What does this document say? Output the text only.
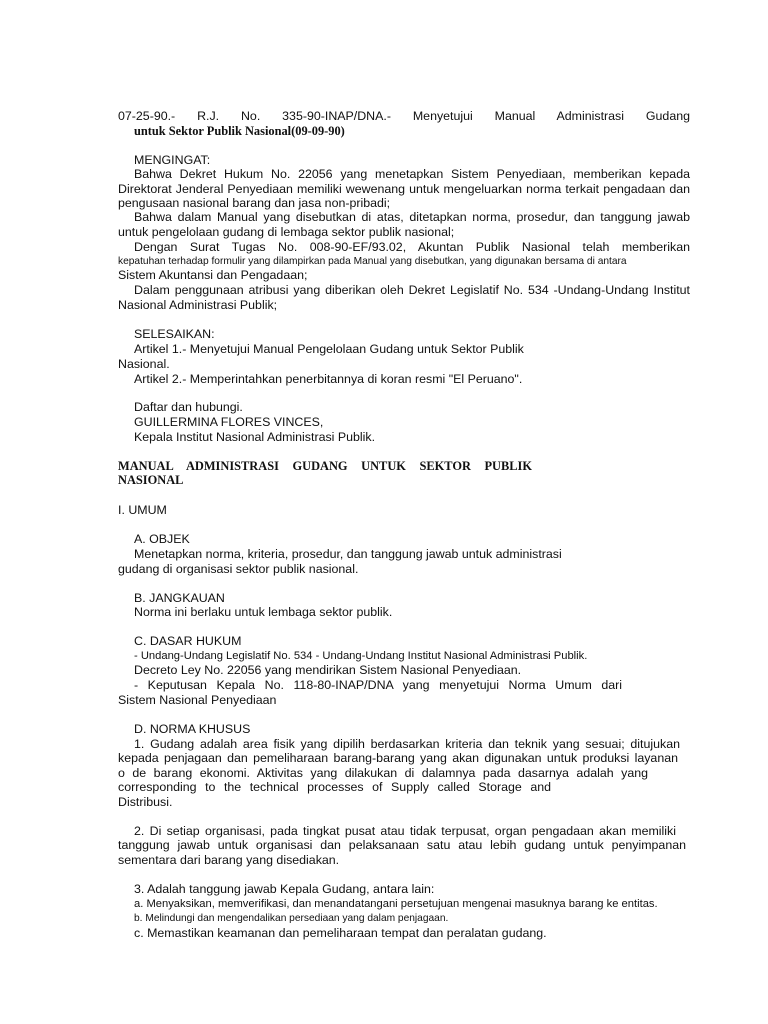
07-25-90.- R.J. No. 335-90-INAP/DNA.- Menyetujui Manual Administrasi Gudang
untuk Sektor Publik Nasional(09-09-90)
MENGINGAT:
Bahwa Dekret Hukum No. 22056 yang menetapkan Sistem Penyediaan, memberikan kepada
Direktorat Jenderal Penyediaan memiliki wewenang untuk mengeluarkan norma terkait pengadaan dan
pengusaan nasional barang dan jasa non-pribadi;
Bahwa dalam Manual yang disebutkan di atas, ditetapkan norma, prosedur, dan tanggung jawab
untuk pengelolaan gudang di lembaga sektor publik nasional;
Dengan Surat Tugas No. 008-90-EF/93.02, Akuntan Publik Nasional telah memberikan
kepatuhan terhadap formulir yang dilampirkan pada Manual yang disebutkan, yang digunakan bersama di antara
Sistem Akuntansi dan Pengadaan;
Dalam penggunaan atribusi yang diberikan oleh Dekret Legislatif No. 534 -Undang-Undang Institut
Nasional Administrasi Publik;
SELESAIKAN:
Artikel 1.- Menyetujui Manual Pengelolaan Gudang untuk Sektor Publik
Nasional.
Artikel 2.- Memperintahkan penerbitannya di koran resmi "El Peruano".
Daftar dan hubungi.
GUILLERMINA FLORES VINCES,
Kepala Institut Nasional Administrasi Publik.
MANUAL ADMINISTRASI GUDANG UNTUK SEKTOR PUBLIK
NASIONAL
I. UMUM
A. OBJEK
Menetapkan norma, kriteria, prosedur, dan tanggung jawab untuk administrasi
gudang di organisasi sektor publik nasional.
B. JANGKAUAN
Norma ini berlaku untuk lembaga sektor publik.
C. DASAR HUKUM
- Undang-Undang Legislatif No. 534 - Undang-Undang Institut Nasional Administrasi Publik.
Decreto Ley No. 22056 yang mendirikan Sistem Nasional Penyediaan.
- Keputusan Kepala No. 118-80-INAP/DNA yang menyetujui Norma Umum dari
Sistem Nasional Penyediaan
D. NORMA KHUSUS
1. Gudang adalah area fisik yang dipilih berdasarkan kriteria dan teknik yang sesuai; ditujukan
kepada penjagaan dan pemeliharaan barang-barang yang akan digunakan untuk produksi layanan
o de barang ekonomi. Aktivitas yang dilakukan di dalamnya pada dasarnya adalah yang
corresponding to the technical processes of Supply called Storage and
Distribusi.
2. Di setiap organisasi, pada tingkat pusat atau tidak terpusat, organ pengadaan akan memiliki
tanggung jawab untuk organisasi dan pelaksanaan satu atau lebih gudang untuk penyimpanan
sementara dari barang yang disediakan.
3. Adalah tanggung jawab Kepala Gudang, antara lain:
a. Menyaksikan, memverifikasi, dan menandatangani persetujuan mengenai masuknya barang ke entitas.
b. Melindungi dan mengendalikan persediaan yang dalam penjagaan.
c. Memastikan keamanan dan pemeliharaan tempat dan peralatan gudang.
